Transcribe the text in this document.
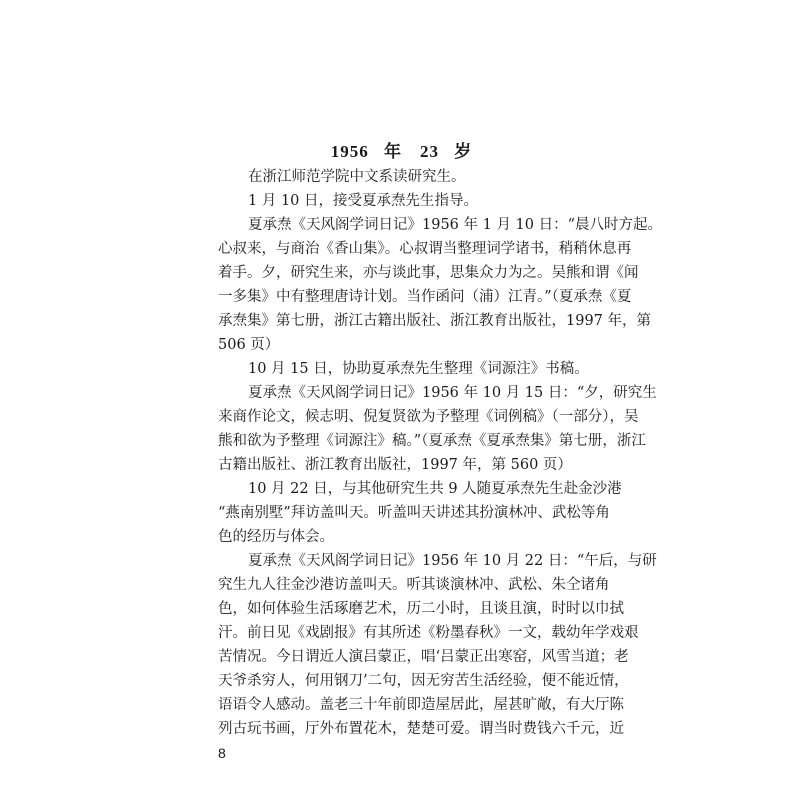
1956 年　23 岁
在浙江师范学院中文系读研究生。
1 月 10 日，接受夏承焘先生指导。
夏承焘《天风阁学词日记》1956 年 1 月 10 日：“晨八时方起。
心叔来，与商治《香山集》。心叔谓当整理词学诸书，稍稍休息再
着手。夕，研究生来，亦与谈此事，思集众力为之。吴熊和谓《闻
一多集》中有整理唐诗计划。当作函问（浦）江青。”（夏承焘《夏
承焘集》第七册，浙江古籍出版社、浙江教育出版社，1997 年，第
506 页）
10 月 15 日，协助夏承焘先生整理《词源注》书稿。
夏承焘《天风阁学词日记》1956 年 10 月 15 日：“夕，研究生
来商作论文，候志明、倪复贤欲为予整理《词例稿》（一部分），吴
熊和欲为予整理《词源注》稿。”（夏承焘《夏承焘集》第七册，浙江
古籍出版社、浙江教育出版社，1997 年，第 560 页）
10 月 22 日，与其他研究生共 9 人随夏承焘先生赴金沙港
“燕南别墅”拜访盖叫天。听盖叫天讲述其扮演林冲、武松等角
色的经历与体会。
夏承焘《天风阁学词日记》1956 年 10 月 22 日：“午后，与研
究生九人往金沙港访盖叫天。听其谈演林冲、武松、朱仝诸角
色，如何体验生活琢磨艺术，历二小时，且谈且演，时时以巾拭
汗。前日见《戏剧报》有其所述《粉墨春秋》一文，载幼年学戏艰
苦情况。今日谓近人演吕蒙正，唱‘吕蒙正出寒窑，风雪当道；老
天爷杀穷人，何用钢刀’二句，因无穷苦生活经验，便不能近情，
语语令人感动。盖老三十年前即造屋居此，屋甚旷敞，有大厅陈
列古玩书画，厅外布置花木，楚楚可爱。谓当时费钱六千元，近
8
